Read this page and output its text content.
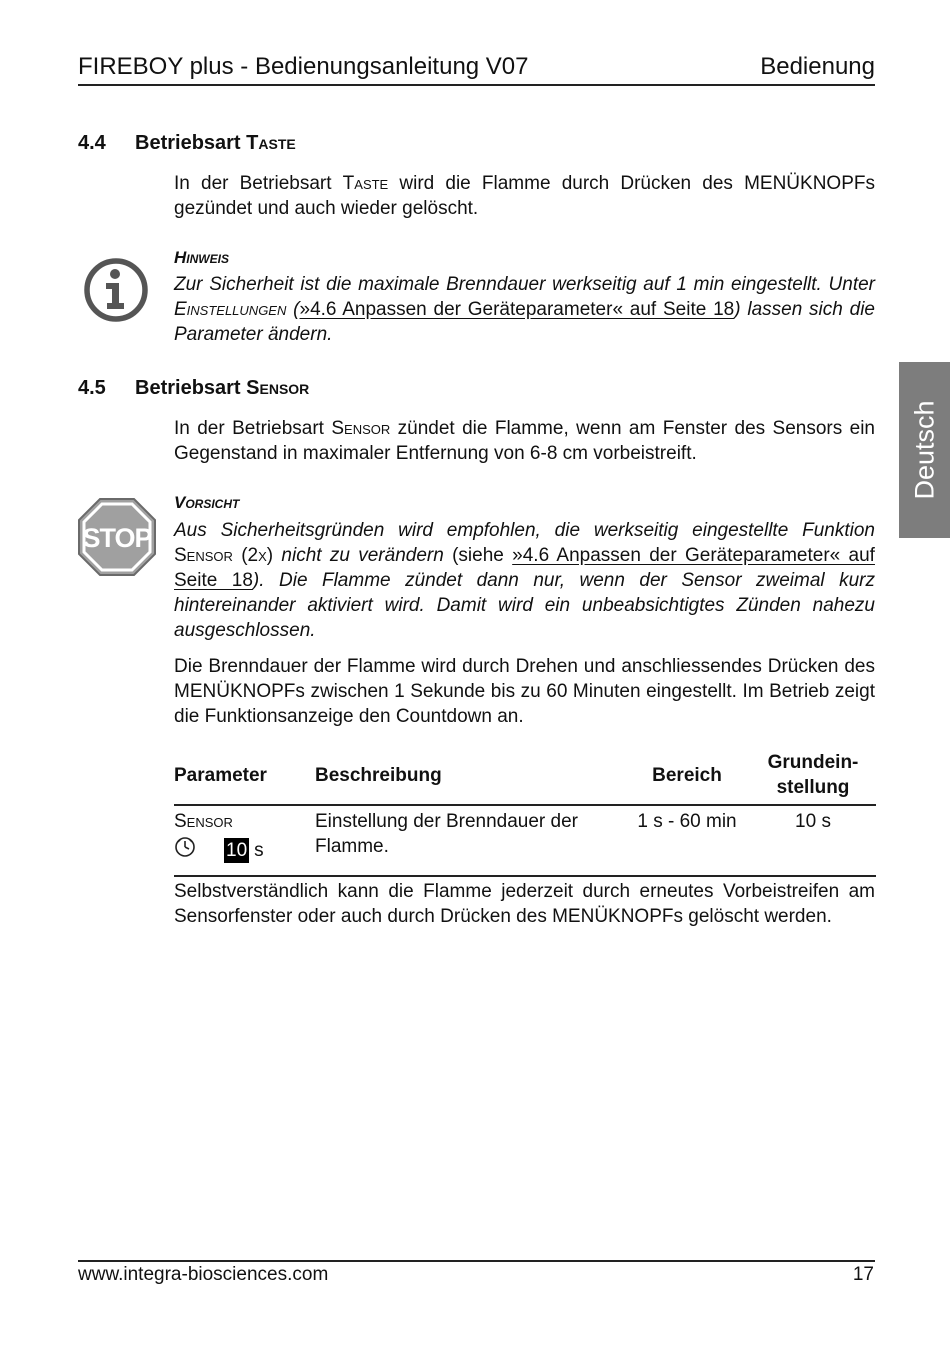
FIREBOY plus - Bedienungsanleitung V07	Bedienung
Deutsch
4.4 Betriebsart Taste
In der Betriebsart Taste wird die Flamme durch Drücken des MENÜKNOPFs gezündet und auch wieder gelöscht.
Hinweis
Zur Sicherheit ist die maximale Brenndauer werkseitig auf 1 min eingestellt. Unter Einstellungen (»4.6 Anpassen der Geräteparameter« auf Seite 18) lassen sich die Parameter ändern.
4.5 Betriebsart Sensor
In der Betriebsart Sensor zündet die Flamme, wenn am Fenster des Sensors ein Gegenstand in maximaler Entfernung von 6-8 cm vorbeistreift.
STOP
Vorsicht
Aus Sicherheitsgründen wird empfohlen, die werkseitig eingestellte Funktion Sensor (2x) nicht zu verändern (siehe »4.6 Anpassen der Geräteparameter« auf Seite 18). Die Flamme zündet dann nur, wenn der Sensor zweimal kurz hintereinander aktiviert wird. Damit wird ein unbeabsichtigtes Zünden nahezu ausgeschlossen.
Die Brenndauer der Flamme wird durch Drehen und anschliessendes Drücken des MENÜKNOPFs zwischen 1 Sekunde bis zu 60 Minuten eingestellt. Im Betrieb zeigt die Funktionsanzeige den Countdown an.
Parameter	Beschreibung	Bereich	Grundein-
stellung

Sensor
10 s	Einstellung der Brenndauer der Flamme.	1 s - 60 min	10 s
Selbstverständlich kann die Flamme jederzeit durch erneutes Vorbeistreifen am Sensorfenster oder auch durch Drücken des MENÜKNOPFs gelöscht werden.
www.integra-biosciences.com	17
